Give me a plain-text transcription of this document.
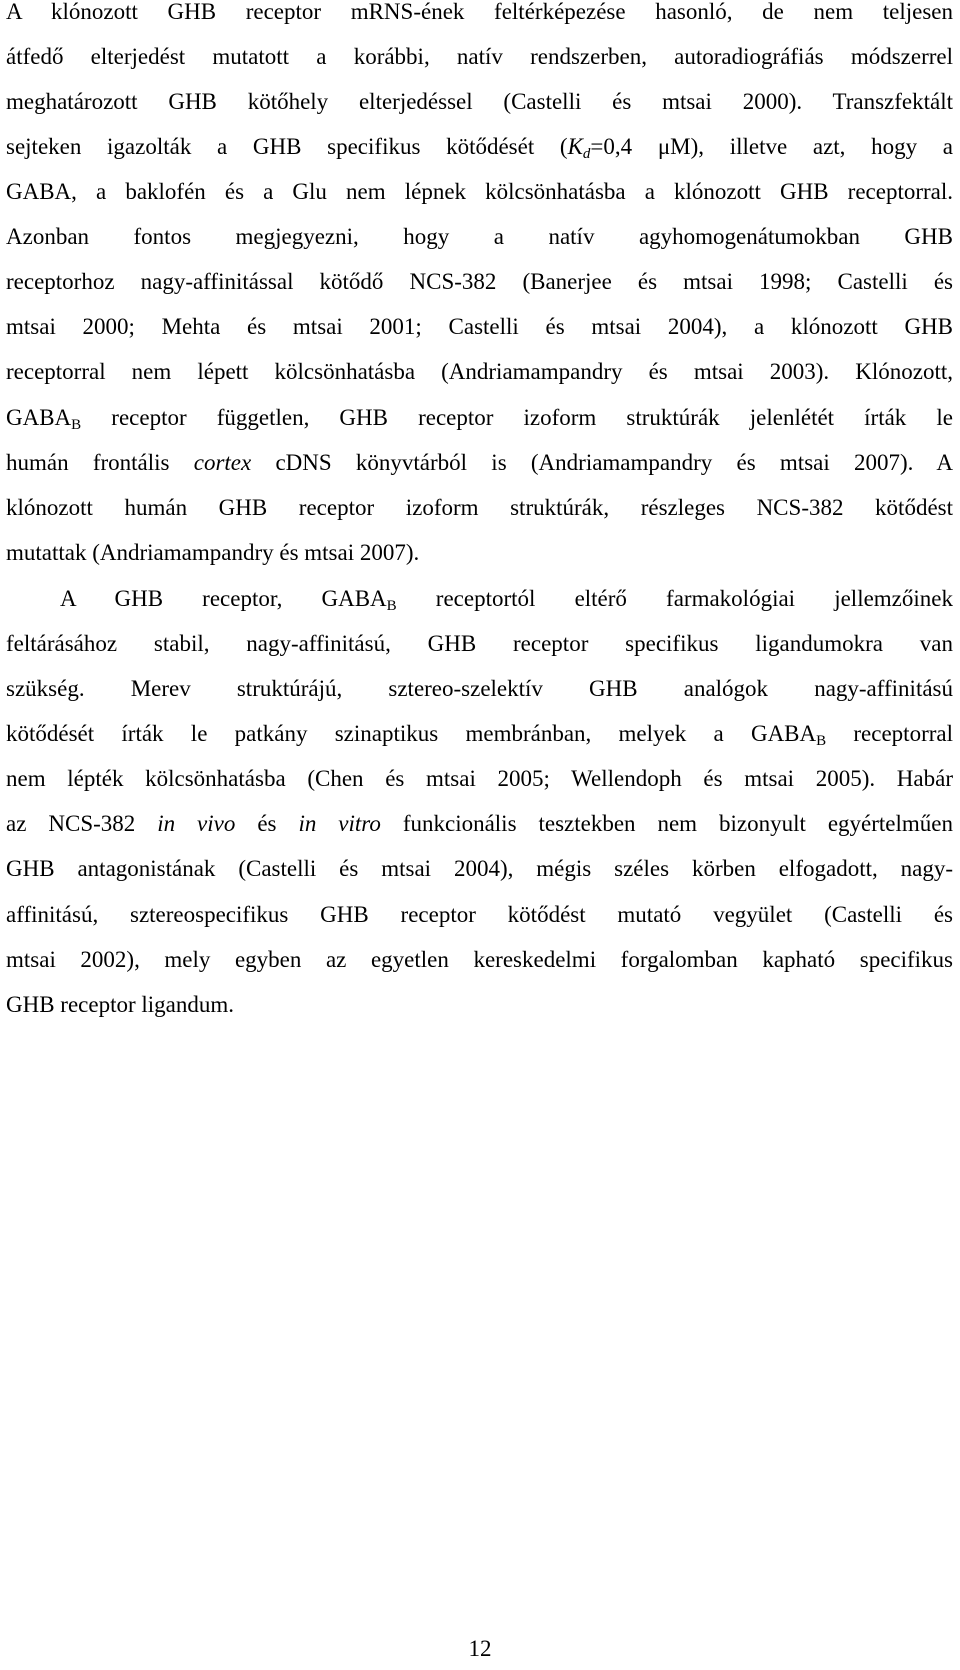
A klónozott GHB receptor mRNS-ének feltérképezése hasonló, de nem teljesen
átfedő elterjedést mutatott a korábbi, natív rendszerben, autoradiográfiás módszerrel
meghatározott GHB kötőhely elterjedéssel (Castelli és mtsai 2000). Transzfektált
sejteken igazolták a GHB specifikus kötődését ($K_d=0,4$ μM), illetve azt, hogy a
GABA, a baklofén és a Glu nem lépnek kölcsönhatásba a klónozott GHB receptorral.
Azonban fontos megjegyezni, hogy a natív agyhomogenátumokban GHB
receptorhoz nagy-affinitással kötődő NCS-382 (Banerjee és mtsai 1998; Castelli és
mtsai 2000; Mehta és mtsai 2001; Castelli és mtsai 2004), a klónozott GHB
receptorral nem lépett kölcsönhatásba (Andriamampandry és mtsai 2003). Klónozott,
$GABA_B$ receptor független, GHB receptor izoform struktúrák jelenlétét írták le
humán frontális cortex cDNS könyvtárból is (Andriamampandry és mtsai 2007). A
klónozott humán GHB receptor izoform struktúrák, részleges NCS-382 kötődést
mutattak (Andriamampandry és mtsai 2007).
A GHB receptor, $GABA_B$ receptortól eltérő farmakológiai jellemzőinek
feltárásához stabil, nagy-affinitású, GHB receptor specifikus ligandumokra van
szükség. Merev struktúrájú, sztereo-szelektív GHB analógok nagy-affinitású
kötődését írták le patkány szinaptikus membránban, melyek a $GABA_B$ receptorral
nem lépték kölcsönhatásba (Chen és mtsai 2005; Wellendoph és mtsai 2005). Habár
az NCS-382 in vivo és in vitro funkcionális tesztekben nem bizonyult egyértelműen
GHB antagonistának (Castelli és mtsai 2004), mégis széles körben elfogadott, nagy-
affinitású, sztereospecifikus GHB receptor kötődést mutató vegyület (Castelli és
mtsai 2002), mely egyben az egyetlen kereskedelmi forgalomban kapható specifikus
GHB receptor ligandum.
12
